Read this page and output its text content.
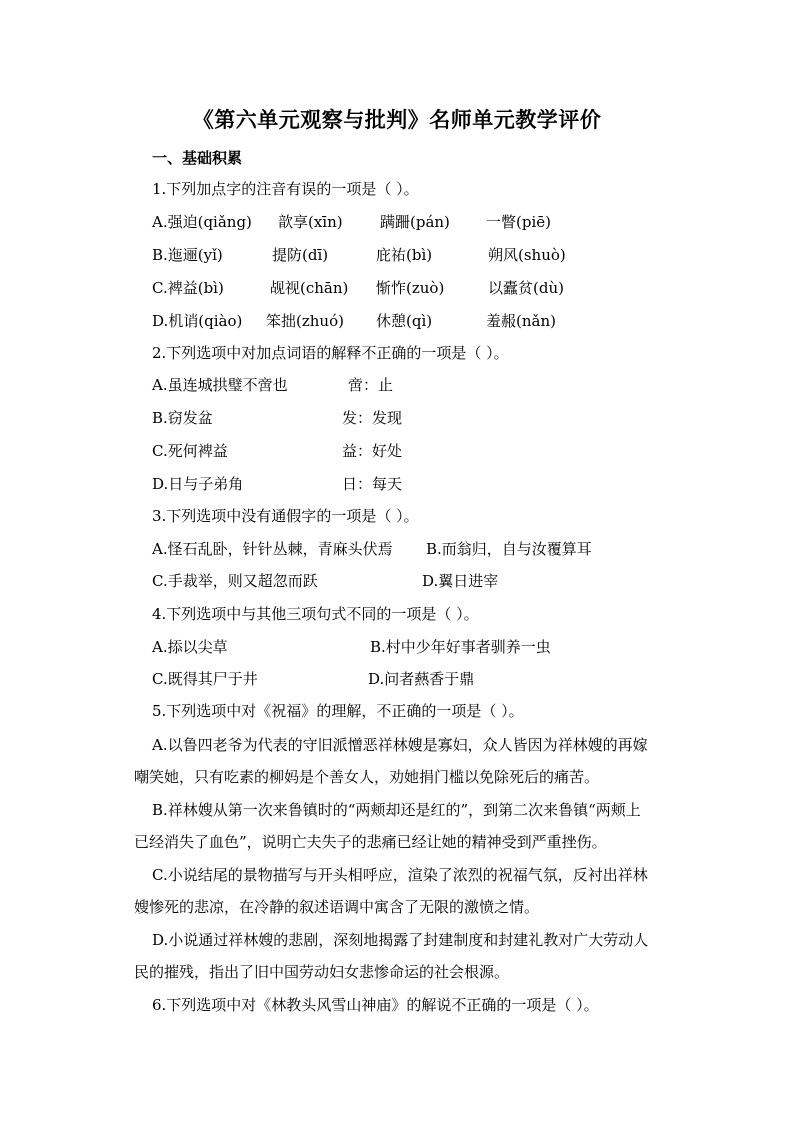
《第六单元观察与批判》名师单元教学评价
一、基础积累
1.下列加点字的注音有误的一项是（ ）。
A.强迫(qiǎng) 歆享(xīn) 蹒跚(pán) 一瞥(piē)
B.迤逦(yǐ)	提防(dī)	庇祐(bì)	朔风(shuò)
C.裨益(bì)	觇视(chān) 惭怍(zuò)	以蠹贫(dù)
D.机诮(qiào) 笨拙(zhuó) 休憩(qì)	羞赧(nǎn)
2.下列选项中对加点词语的解释不正确的一项是（ ）。
A.虽连城拱璧不啻也	啻：止
B.窃发盆	发：发现
C.死何裨益	益：好处
D.日与子弟角	日：每天
3.下列选项中没有通假字的一项是（ ）。
A.怪石乱卧，针针丛棘，青麻头伏焉 B.而翁归，自与汝覆算耳
C.手裁举，则又超忽而跃	D.翼日进宰
4.下列选项中与其他三项句式不同的一项是（ ）。
A.掭以尖草	B.村中少年好事者驯养一虫
C.既得其尸于井	D.问者爇香于鼎
5.下列选项中对《祝福》的理解，不正确的一项是（ ）。
A.以鲁四老爷为代表的守旧派憎恶祥林嫂是寡妇，众人皆因为祥林嫂的再嫁
嘲笑她，只有吃素的柳妈是个善女人，劝她捐门槛以免除死后的痛苦。
B.祥林嫂从第一次来鲁镇时的“两颊却还是红的”，到第二次来鲁镇“两颊上
已经消失了血色”，说明亡夫失子的悲痛已经让她的精神受到严重挫伤。
C.小说结尾的景物描写与开头相呼应，渲染了浓烈的祝福气氛，反衬出祥林
嫂惨死的悲凉，在冷静的叙述语调中寓含了无限的激愤之情。
D.小说通过祥林嫂的悲剧，深刻地揭露了封建制度和封建礼教对广大劳动人
民的摧残，指出了旧中国劳动妇女悲惨命运的社会根源。
6.下列选项中对《林教头风雪山神庙》的解说不正确的一项是（ ）。
